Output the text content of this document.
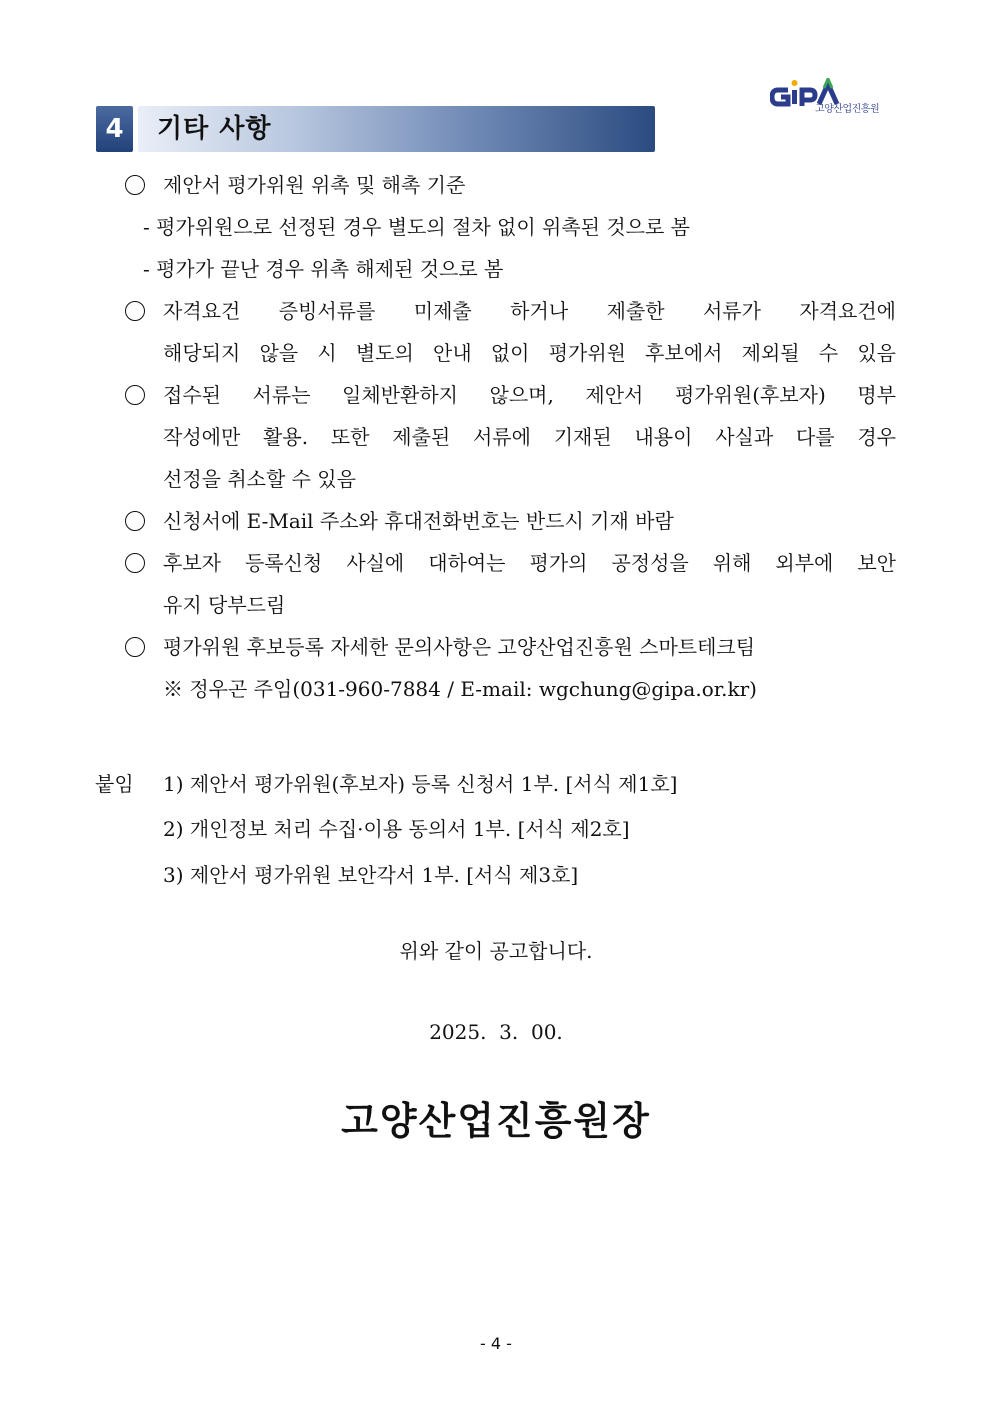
고양산업진흥원
4	기타 사항
제안서 평가위원 위촉 및 해촉 기준
- 평가위원으로 선정된 경우 별도의 절차 없이 위촉된 것으로 봄
- 평가가 끝난 경우 위촉 해제된 것으로 봄
자격요건 증빙서류를 미제출 하거나 제출한 서류가 자격요건에
해당되지 않을 시 별도의 안내 없이 평가위원 후보에서 제외될 수 있음
접수된 서류는 일체반환하지 않으며, 제안서 평가위원(후보자) 명부
작성에만 활용. 또한 제출된 서류에 기재된 내용이 사실과 다를 경우
선정을 취소할 수 있음
신청서에 E-Mail 주소와 휴대전화번호는 반드시 기재 바람
후보자 등록신청 사실에 대하여는 평가의 공정성을 위해 외부에 보안
유지 당부드림
평가위원 후보등록 자세한 문의사항은 고양산업진흥원 스마트테크팀
※ 정우곤 주임(031-960-7884 / E-mail: wgchung@gipa.or.kr)
붙임 1) 제안서 평가위원(후보자) 등록 신청서 1부. [서식 제1호]
2) 개인정보 처리 수집·이용 동의서 1부. [서식 제2호]
3) 제안서 평가위원 보안각서 1부. [서식 제3호]
위와 같이 공고합니다.
2025.  3.  00.
고양산업진흥원장
- 4 -
